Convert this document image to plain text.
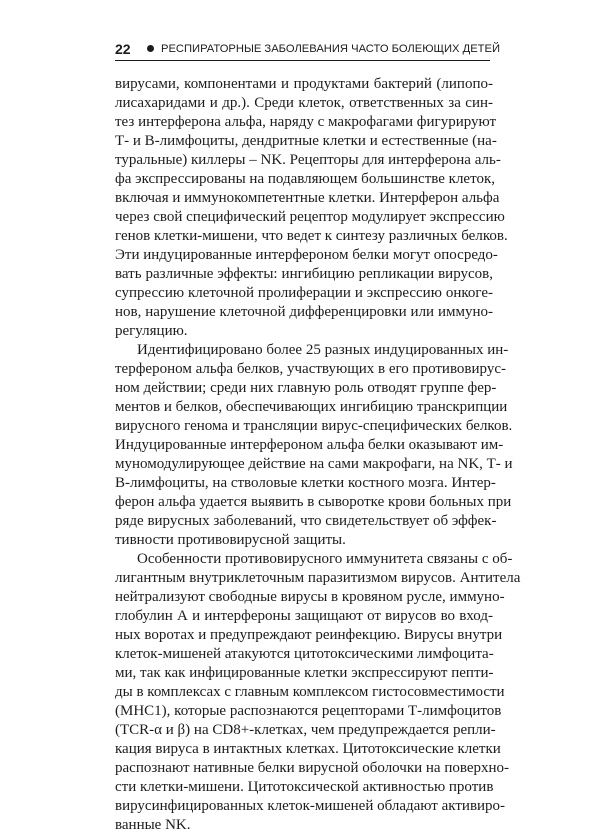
22	РЕСПИРАТОРНЫЕ ЗАБОЛЕВАНИЯ ЧАСТО БОЛЕЮЩИХ ДЕТЕЙ
вирусами, компонентами и продуктами бактерий (липопо-
лисахаридами и др.). Среди клеток, ответственных за син-
тез интерферона альфа, наряду с макрофагами фигурируют
Т- и В-лимфоциты, дендритные клетки и естественные (на-
туральные) киллеры – NK. Рецепторы для интерферона аль-
фа экспрессированы на подавляющем большинстве клеток,
включая и иммунокомпетентные клетки. Интерферон альфа
через свой специфический рецептор модулирует экспрессию
генов клетки-мишени, что ведет к синтезу различных белков.
Эти индуцированные интерфероном белки могут опосредо-
вать различные эффекты: ингибицию репликации вирусов,
супрессию клеточной пролиферации и экспрессию онкоге-
нов, нарушение клеточной дифференцировки или иммуно-
регуляцию.
Идентифицировано более 25 разных индуцированных ин-
терфероном альфа белков, участвующих в его противовирус-
ном действии; среди них главную роль отводят группе фер-
ментов и белков, обеспечивающих ингибицию транскрипции
вирусного генома и трансляции вирус-специфических белков.
Индуцированные интерфероном альфа белки оказывают им-
муномодулирующее действие на сами макрофаги, на NK, Т- и
В-лимфоциты, на стволовые клетки костного мозга. Интер-
ферон альфа удается выявить в сыворотке крови больных при
ряде вирусных заболеваний, что свидетельствует об эффек-
тивности противовирусной защиты.
Особенности противовирусного иммунитета связаны с об-
лигантным внутриклеточным паразитизмом вирусов. Антитела
нейтрализуют свободные вирусы в кровяном русле, иммуно-
глобулин А и интерфероны защищают от вирусов во вход-
ных воротах и предупреждают реинфекцию. Вирусы внутри
клеток-мишеней атакуются цитотоксическими лимфоцита-
ми, так как инфицированные клетки экспрессируют пепти-
ды в комплексах с главным комплексом гистосовместимости
(МНС1), которые распознаются рецепторами Т-лимфоцитов
(TCR-α и β) на CD8+-клетках, чем предупреждается репли-
кация вируса в интактных клетках. Цитотоксические клетки
распознают нативные белки вирусной оболочки на поверхно-
сти клетки-мишени. Цитотоксической активностью против
вирусинфицированных клеток-мишеней обладают активиро-
ванные NK.
